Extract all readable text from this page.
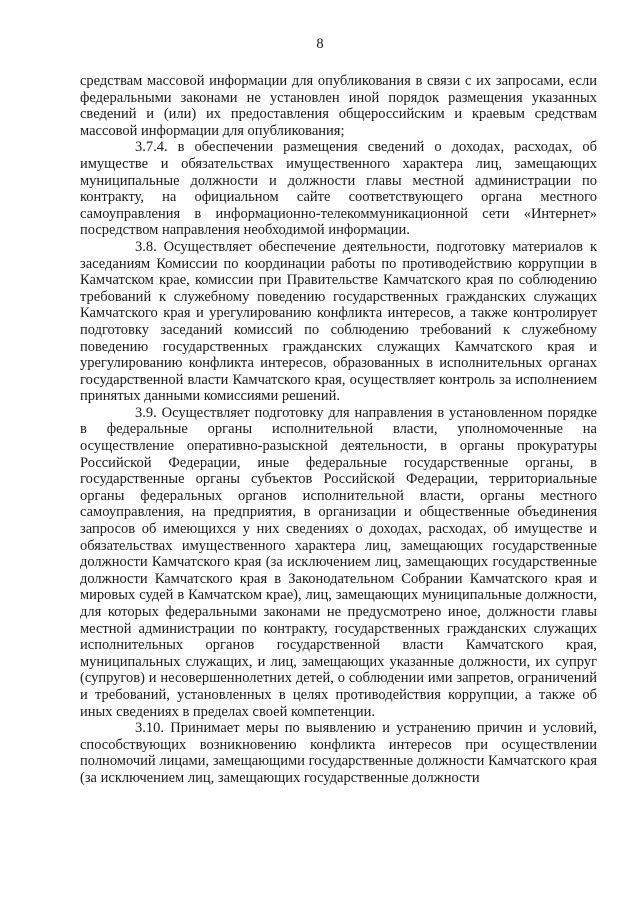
8

средствам массовой информации для опубликования в связи с их запросами, если федеральными законами не установлен иной порядок размещения указанных сведений и (или) их предоставления общероссийским и краевым средствам массовой информации для опубликования;

3.7.4. в обеспечении размещения сведений о доходах, расходах, об имуществе и обязательствах имущественного характера лиц, замещающих муниципальные должности и должности главы местной администрации по контракту, на официальном сайте соответствующего органа местного самоуправления в информационно-телекоммуникационной сети «Интернет» посредством направления необходимой информации.

3.8. Осуществляет обеспечение деятельности, подготовку материалов к заседаниям Комиссии по координации работы по противодействию коррупции в Камчатском крае, комиссии при Правительстве Камчатского края по соблюдению требований к служебному поведению государственных гражданских служащих Камчатского края и урегулированию конфликта интересов, а также контролирует подготовку заседаний комиссий по соблюдению требований к служебному поведению государственных гражданских служащих Камчатского края и урегулированию конфликта интересов, образованных в исполнительных органах государственной власти Камчатского края, осуществляет контроль за исполнением принятых данными комиссиями решений.

3.9. Осуществляет подготовку для направления в установленном порядке в федеральные органы исполнительной власти, уполномоченные на осуществление оперативно-разыскной деятельности, в органы прокуратуры Российской Федерации, иные федеральные государственные органы, в государственные органы субъектов Российской Федерации, территориальные органы федеральных органов исполнительной власти, органы местного самоуправления, на предприятия, в организации и общественные объединения запросов об имеющихся у них сведениях о доходах, расходах, об имуществе и обязательствах имущественного характера лиц, замещающих государственные должности Камчатского края (за исключением лиц, замещающих государственные должности Камчатского края в Законодательном Собрании Камчатского края и мировых судей в Камчатском крае), лиц, замещающих муниципальные должности, для которых федеральными законами не предусмотрено иное, должности главы местной администрации по контракту, государственных гражданских служащих исполнительных органов государственной власти Камчатского края, муниципальных служащих, и лиц, замещающих указанные должности, их супруг (супругов) и несовершеннолетних детей, о соблюдении ими запретов, ограничений и требований, установленных в целях противодействия коррупции, а также об иных сведениях в пределах своей компетенции.

3.10. Принимает меры по выявлению и устранению причин и условий, способствующих возникновению конфликта интересов при осуществлении полномочий лицами, замещающими государственные должности Камчатского края (за исключением лиц, замещающих государственные должности
